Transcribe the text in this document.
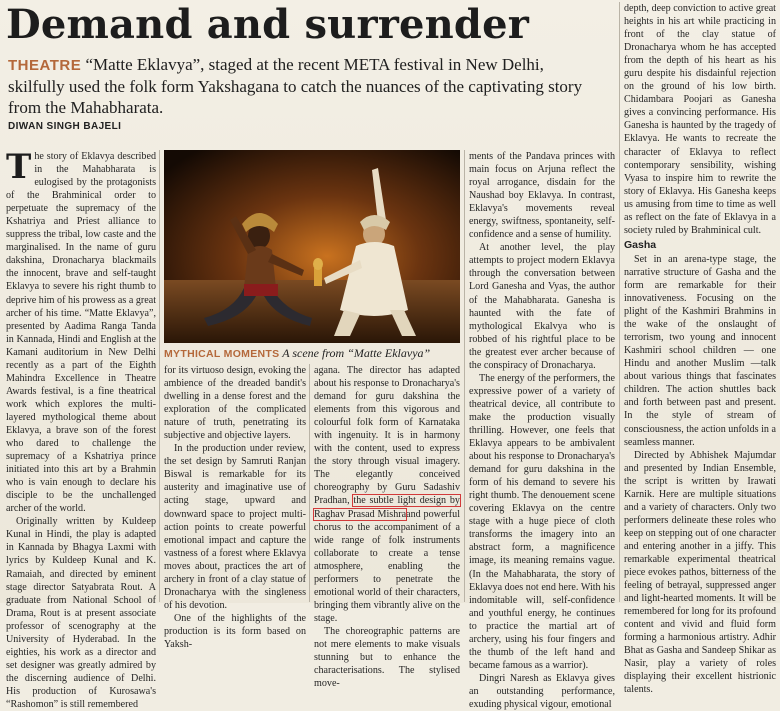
Demand and surrender
THEATRE “Matte Eklavya”, staged at the recent META festival in New Delhi, skilfully used the folk form Yakshagana to catch the nuances of the captivating story from the Mahabharata.
DIWAN SINGH BAJELI

The story of Eklavya described in the Mahabharata is eulogised by the protagonists of the Brahminical order to perpetuate the supremacy of the Kshatriya and Priest alliance to suppress the tribal, low caste and the marginalised. In the name of guru dakshina, Dronacharya blackmails the innocent, brave and self-taught Eklavya to severe his right thumb to deprive him of his prowess as a great archer of his time. “Matte Eklavya”, presented by Aadima Ranga Tanda in Kannada, Hindi and English at the Kamani auditorium in New Delhi recently as a part of the Eighth Mahindra Excellence in Theatre Awards festival, is a fine theatrical work which explores the multi-layered mythological theme about Eklavya, a brave son of the forest who dared to challenge the supremacy of a Kshatriya prince initiated into this art by a Brahmin who is vain enough to declare his disciple to be the unchallenged archer of the world.

Originally written by Kuldeep Kunal in Hindi, the play is adapted in Kannada by Bhagya Laxmi with lyrics by Kuldeep Kunal and K. Ramaiah, and directed by eminent stage director Satyabrata Rout. A graduate from National School of Drama, Rout is at present associate professor of scenography at the University of Hyderabad. In the eighties, his work as a director and set designer was greatly admired by the discerning audience of Delhi. His production of Kurosawa's “Rashomon” is still remembered

MYTHICAL MOMENTS A scene from “Matte Eklavya”

for its virtuoso design, evoking the ambience of the dreaded bandit's dwelling in a dense forest and the exploration of the complicated nature of truth, penetrating its subjective and objective layers.

In the production under review, the set design by Samruti Ranjan Biswal is remarkable for its austerity and imaginative use of acting stage, upward and downward space to project multi-action points to create powerful emotional impact and capture the vastness of a forest where Eklavya moves about, practices the art of archery in front of a clay statue of Dronacharya with the singleness of his devotion.

One of the highlights of the production is its form based on Yaksh-

agana. The director has adapted about his response to Dronacharya's demand for guru dakshina the elements from this vigorous and colourful folk form of Karnataka with ingenuity. It is in harmony with the content, used to express the story through visual imagery. The elegantly conceived choreography by Guru Sadashiv Pradhan, the subtle light design by Raghav Prasad Mishraand powerful chorus to the accompaniment of a wide range of folk instruments collaborate to create a tense atmosphere, enabling the performers to penetrate the emotional world of their characters, bringing them vibrantly alive on the stage.

The choreographic patterns are not mere elements to make visuals stunning but to enhance the characterisations. The stylised move-

ments of the Pandava princes with main focus on Arjuna reflect the royal arrogance, disdain for the Naushad boy Eklavya. In contrast, Eklavya's movements reveal energy, swiftness, spontaneity, self-confidence and a sense of humility.

At another level, the play attempts to project modern Eklavya through the conversation between Lord Ganesha and Vyas, the author of the Mahabharata. Ganesha is haunted with the fate of mythological Ekalvya who is robbed of his rightful place to be the greatest ever archer because of the conspiracy of Dronacharya.

The energy of the performers, the expressive power of a variety of theatrical device, all contribute to make the production visually thrilling. However, one feels that Eklavya appears to be ambivalent about his response to Dronacharya's demand for guru dakshina in the form of his demand to severe his right thumb. The denouement scene covering Eklavya on the centre stage with a huge piece of cloth transforms the imagery into an abstract form, a magnificence image, its meaning remains vague. (In the Mahabharata, the story of Eklavya does not end here. With his indomitable will, self-confidence and youthful energy, he continues to practice the martial art of archery, using his four fingers and the thumb of the left hand and became famous as a warrior).

Dingri Naresh as Eklavya gives an outstanding performance, exuding physical vigour, emotional

depth, deep conviction to active great heights in his art while practicing in front of the clay statue of Dronacharya whom he has accepted from the depth of his heart as his guru despite his disdainful rejection on the ground of his low birth. Chidambara Poojari as Ganesha gives a convincing performance. His Ganesha is haunted by the tragedy of Eklavya. He wants to recreate the character of Eklavya to reflect contemporary sensibility, wishing Vyasa to inspire him to rewrite the story of Eklavya. His Ganesha keeps us amusing from time to time as well as reflect on the fate of Eklavya in a society ruled by Brahminical cult.

Gasha

Set in an arena-type stage, the narrative structure of Gasha and the form are remarkable for their innovativeness. Focusing on the plight of the Kashmiri Brahmins in the wake of the onslaught of terrorism, two young and innocent Kashmiri school children — one Hindu and another Muslim —talk about various things that fascinates children. The action shuttles back and forth between past and present. In the style of stream of consciousness, the action unfolds in a seamless manner.

Directed by Abhishek Majumdar and presented by Indian Ensemble, the script is written by Irawati Karnik. Here are multiple situations and a variety of characters. Only two performers delineate these roles who keep on stepping out of one character and entering another in a jiffy. This remarkable experimental theatrical piece evokes pathos, bitterness of the feeling of betrayal, suppressed anger and light-hearted moments. It will be remembered for long for its profound content and vivid and fluid form forming a harmonious artistry. Adhir Bhat as Gasha and Sandeep Shikar as Nasir, play a variety of roles displaying their excellent histrionic talents.
